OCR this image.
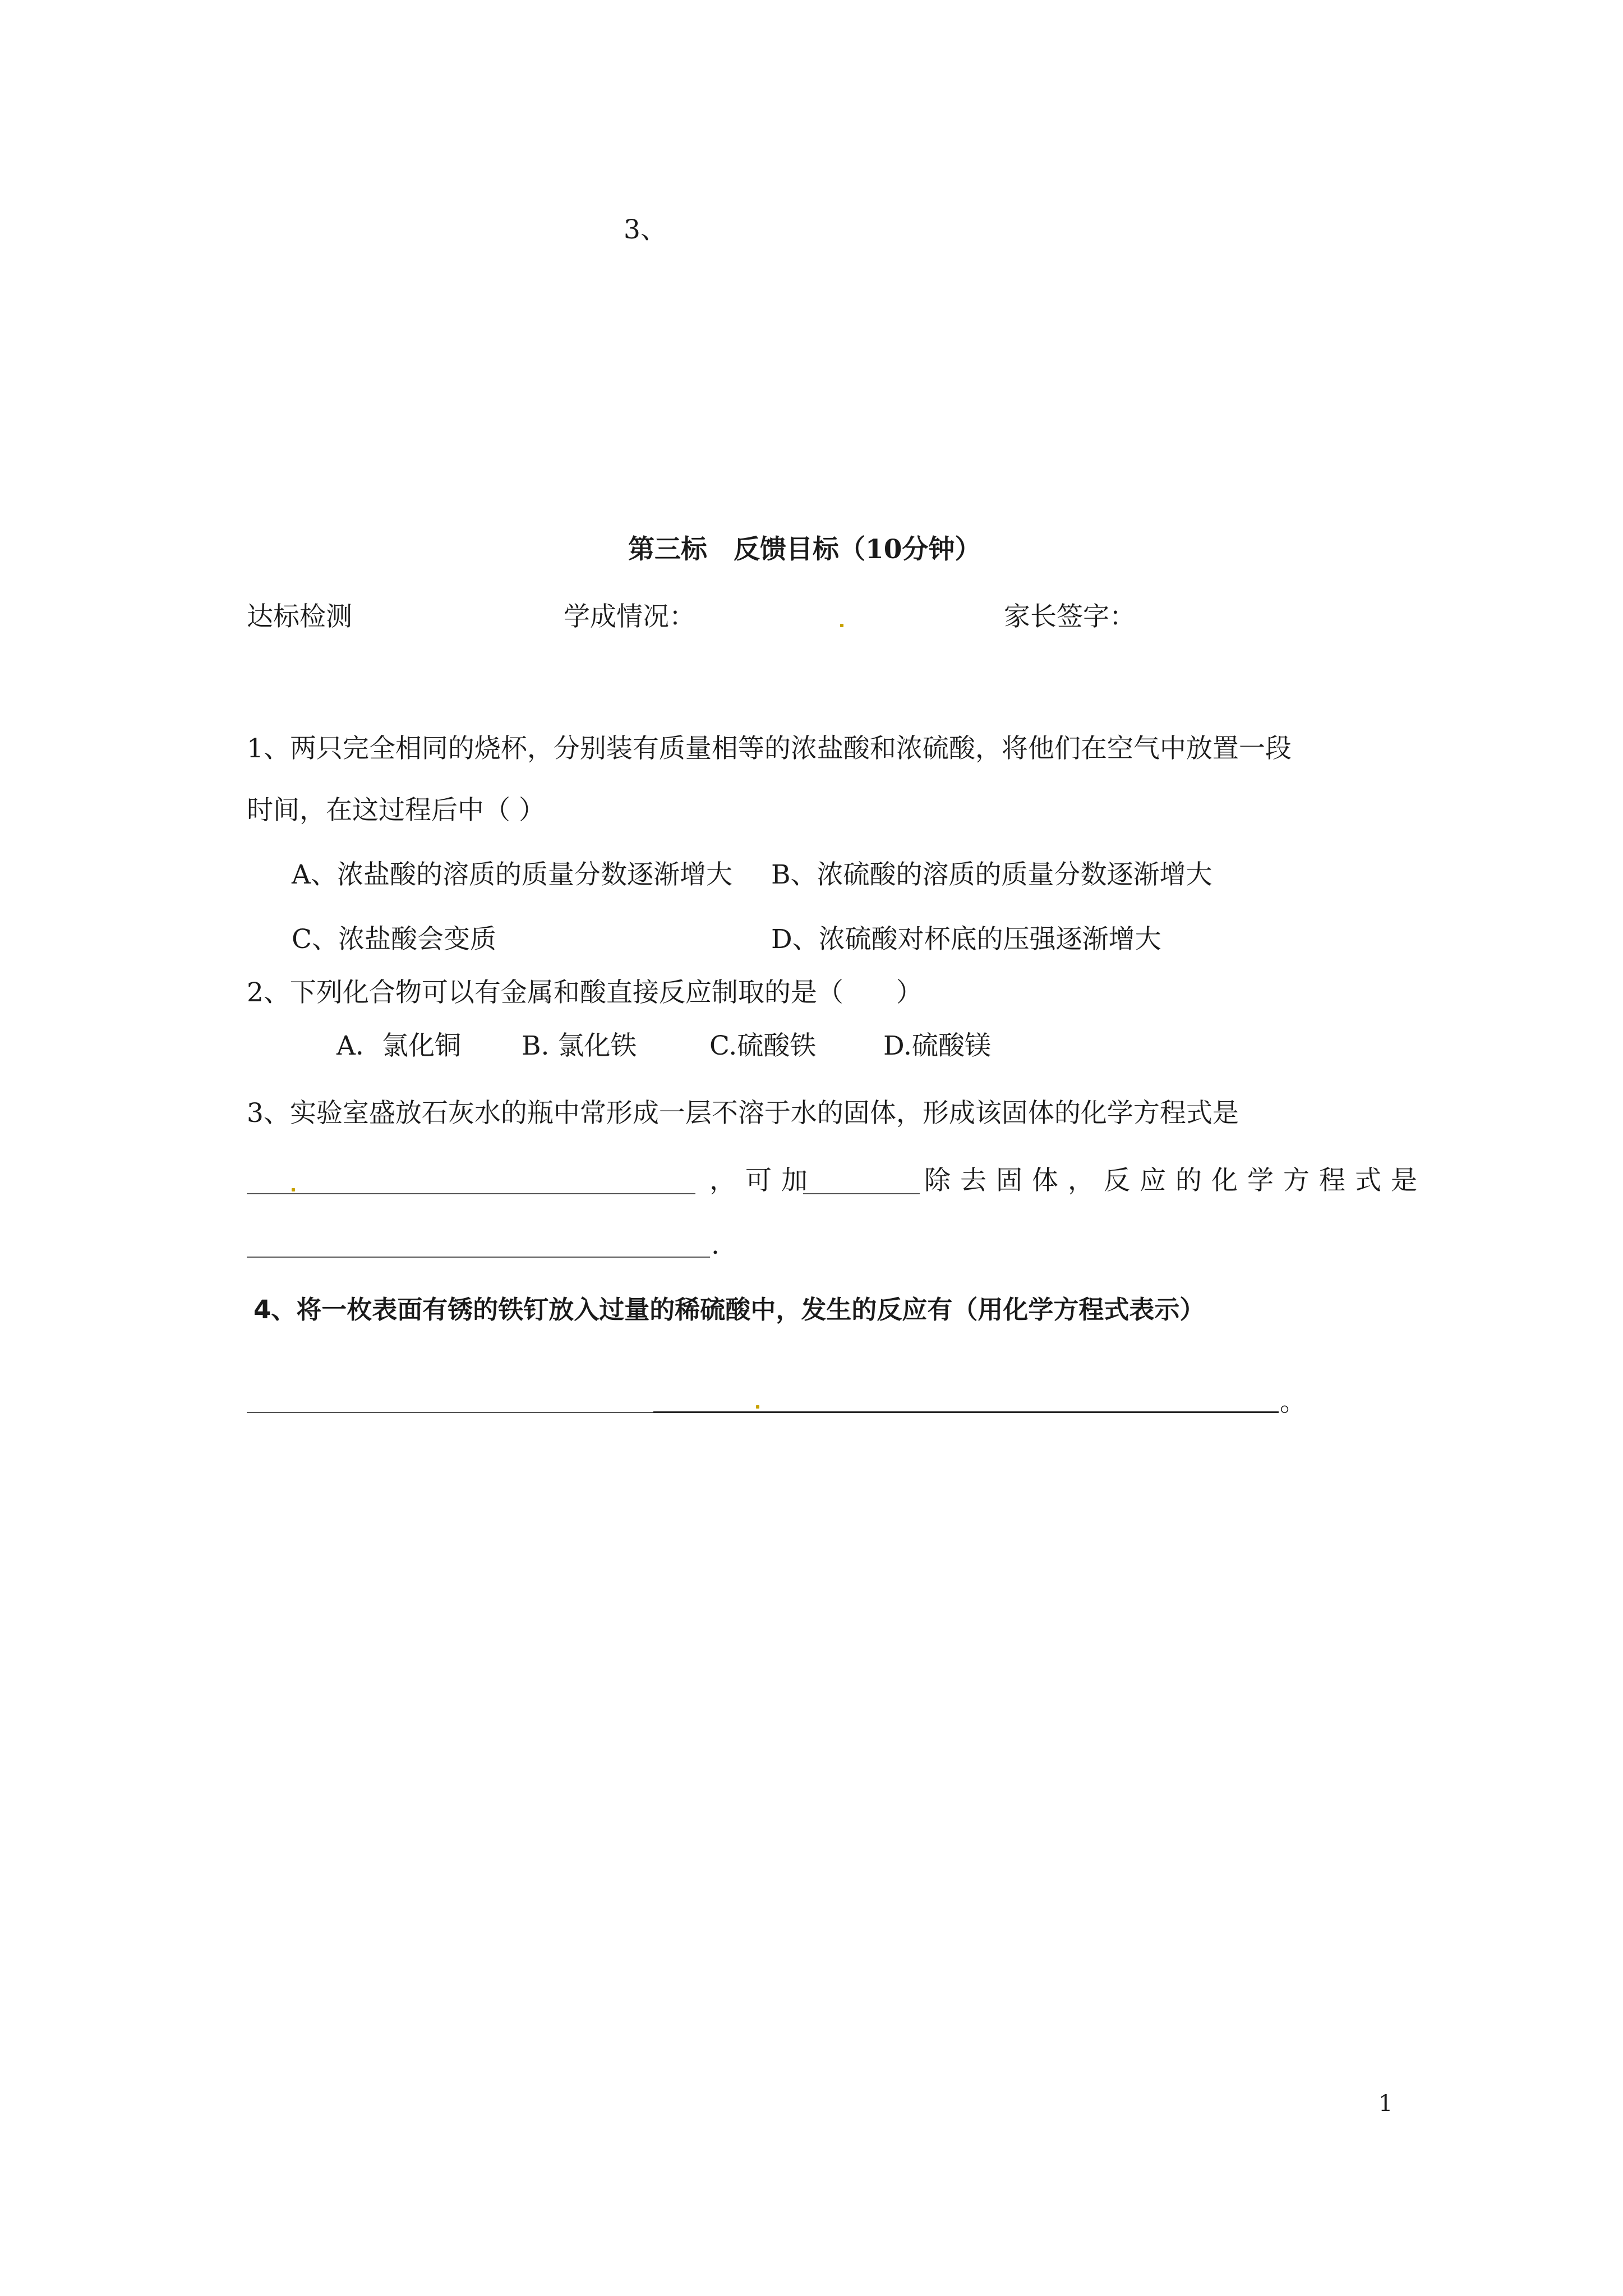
3、
第三标　反馈目标（10分钟）
达标检测	学成情况：	家长签字：
1、两只完全相同的烧杯，分别装有质量相等的浓盐酸和浓硫酸，将他们在空气中放置一段
时间，在这过程后中（ ）
A、浓盐酸的溶质的质量分数逐渐增大 B、浓硫酸的溶质的质量分数逐渐增大
C、浓盐酸会变质	D、浓硫酸对杯底的压强逐渐增大
2、下列化合物可以有金属和酸直接反应制取的是（　　）
A．氯化铜 B. 氯化铁	C.硫酸铁	D.硫酸镁
3、实验室盛放石灰水的瓶中常形成一层不溶于水的固体，形成该固体的化学方程式是
，可加	除去固体，反应的化学方程式是
.
4、将一枚表面有锈的铁钉放入过量的稀硫酸中，发生的反应有（用化学方程式表示）
。
1
